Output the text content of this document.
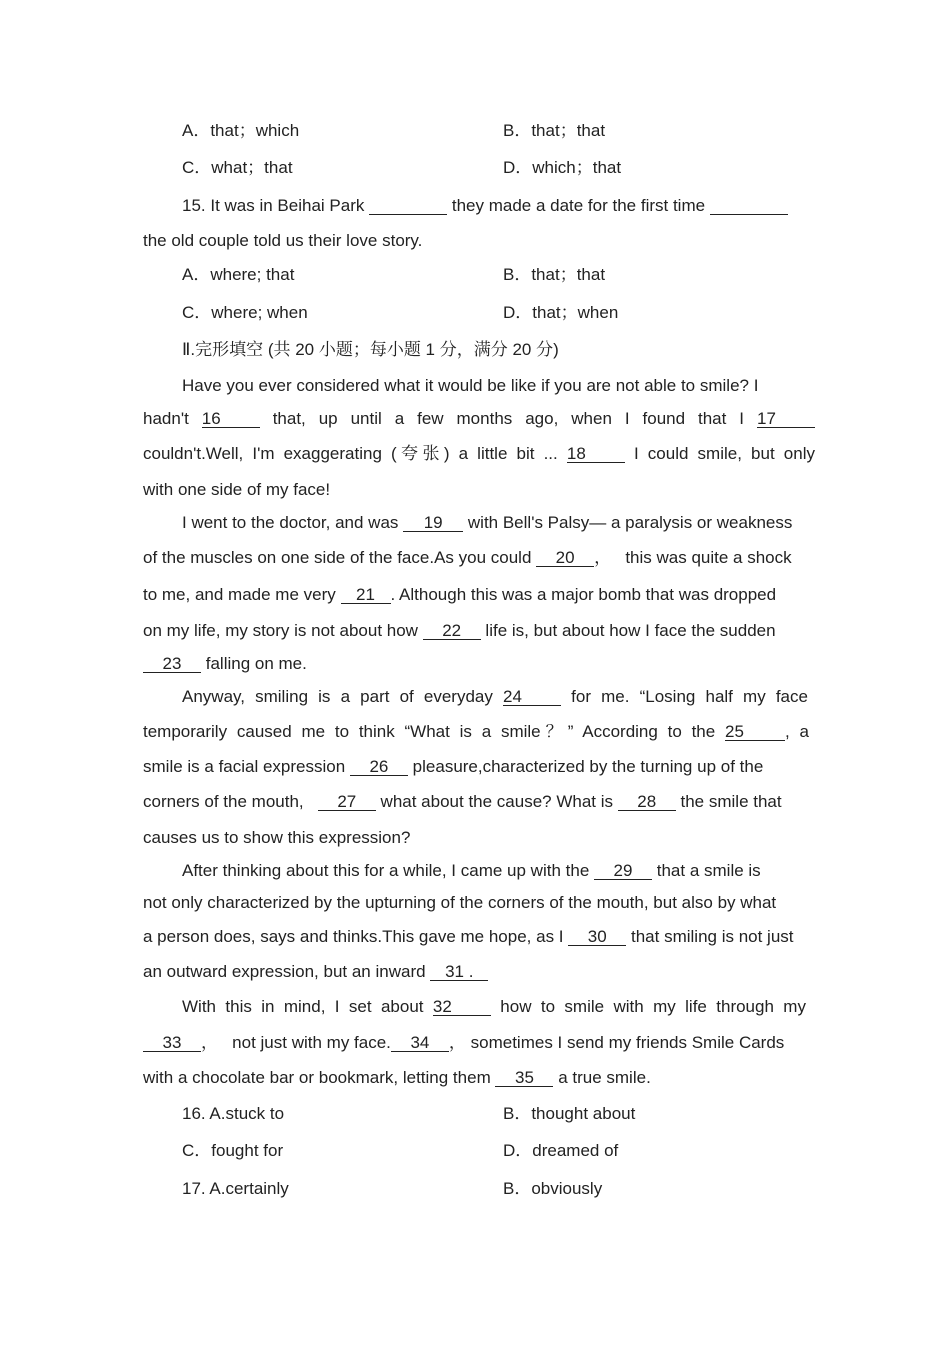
A．that；which	B．that；that
C．what；that	D．which；that
15. It was in Beihai Park	they made a date for the first time
the old couple told us their love story.
A．where; that	B．that；that
C．where; when	D．that；when
Ⅱ.完形填空 (共 20 小题；每小题 1 分，满分 20 分)
Have you ever considered what it would be like if you are not able to smile? I
hadn't 16	that, up until a few months ago, when I found that I 17
couldn't.Well, I'm exaggerating (夸张) a little bit ... 18	I could smile, but only
with one side of my face!
I went to the doctor, and was 19 with Bell's Palsy— a paralysis or weakness
of the muscles on one side of the face.As you could 20 ， this was quite a shock
to me, and made me very 21 . Although this was a major bomb that was dropped
on my life, my story is not about how 22 life is, but about how I face the sudden
23 falling on me.
Anyway, smiling is a part of everyday 24	for me. “Losing half my face
temporarily caused me to think “What is a smile？” According to the 25 , a
smile is a facial expression 26 pleasure,characterized by the turning up of the
corners of the mouth, 27 what about the cause? What is 28 the smile that
causes us to show this expression?
After thinking about this for a while, I came up with the 29 that a smile is
not only characterized by the upturning of the corners of the mouth, but also by what
a person does, says and thinks.This gave me hope, as I 30 that smiling is not just
an outward expression, but an inward 31 .
With this in mind, I set about 32	how to smile with my life through my
33 ， not just with my face. 34 ， sometimes I send my friends Smile Cards
with a chocolate bar or bookmark, letting them 35 a true smile.
16. A.stuck to	B．thought about
C．fought for	D．dreamed of
17. A.certainly	B．obviously
